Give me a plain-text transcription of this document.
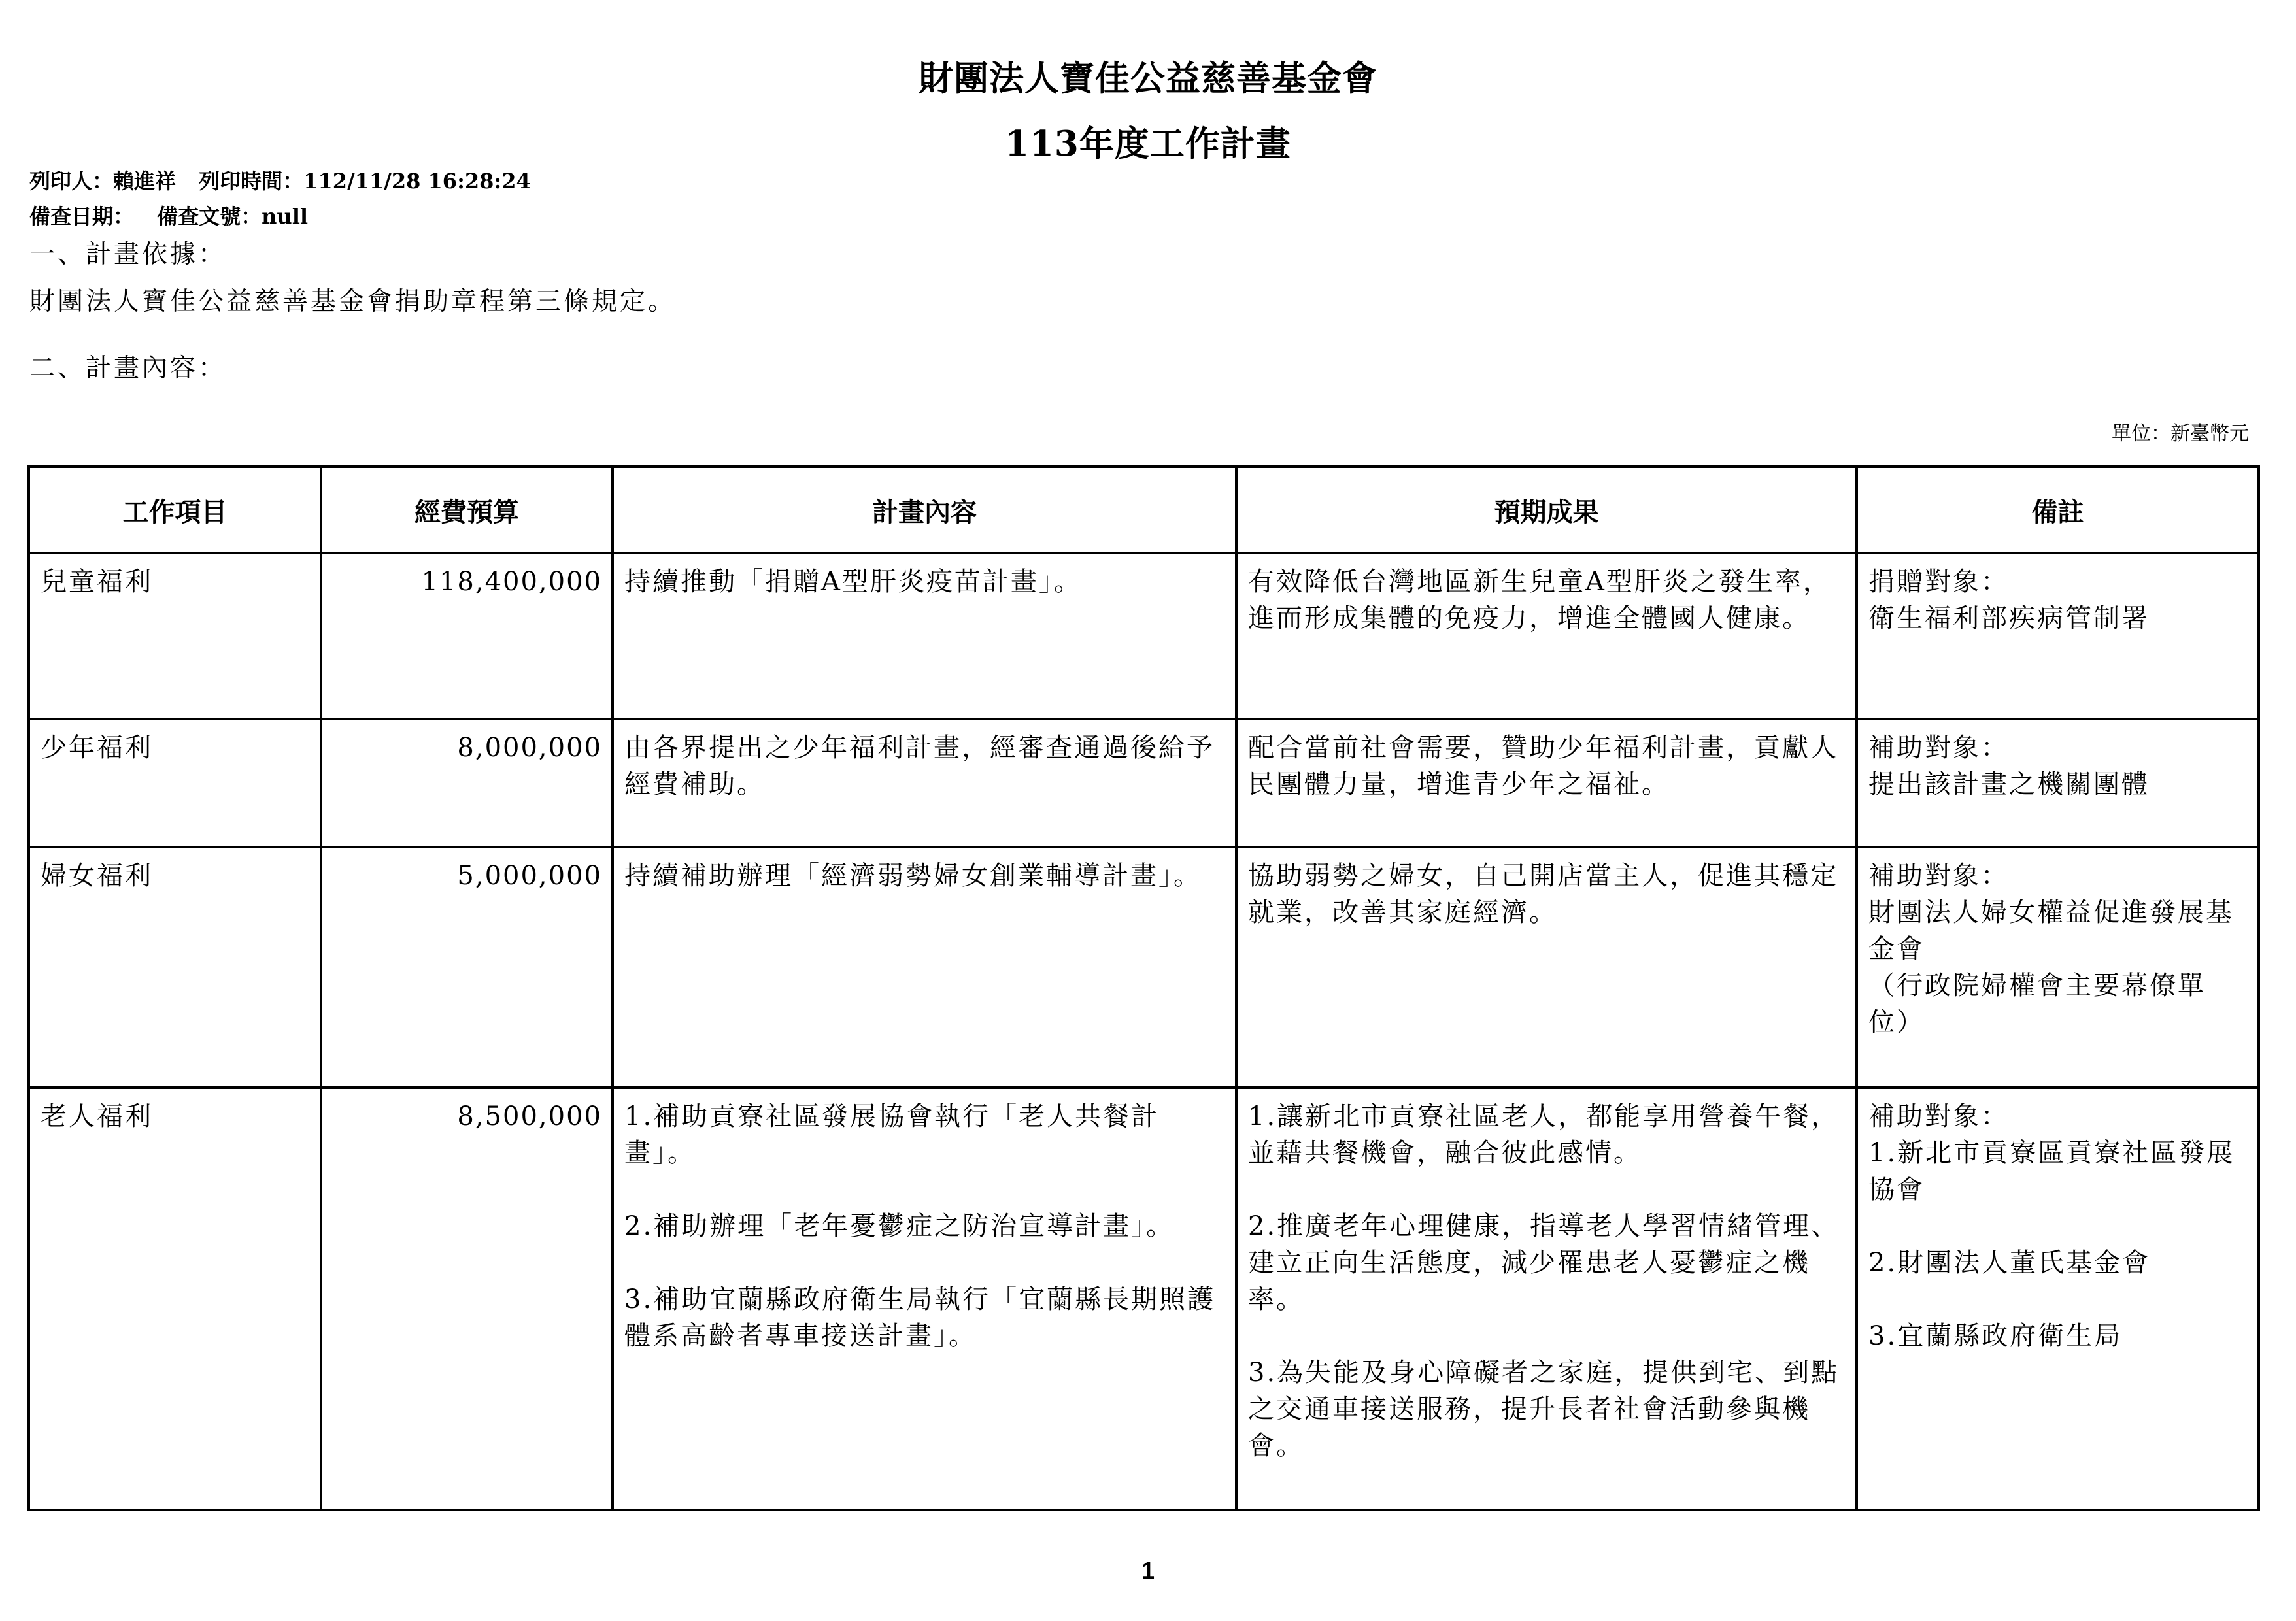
財團法人寶佳公益慈善基金會
113年度工作計畫
列印人：賴進祥 列印時間：112/11/28 16:28:24
備查日期： 備查文號：null
一、計畫依據：
財團法人寶佳公益慈善基金會捐助章程第三條規定。
二、計畫內容：
單位：新臺幣元
工作項目	經費預算	計畫內容	預期成果	備註
兒童福利	118,400,000	持續推動「捐贈A型肝炎疫苗計畫」。	有效降低台灣地區新生兒童A型肝炎之發生率，進而形成集體的免疫力，增進全體國人健康。	捐贈對象：
衛生福利部疾病管制署

少年福利	8,000,000	由各界提出之少年福利計畫，經審查通過後給予經費補助。	配合當前社會需要，贊助少年福利計畫，貢獻人民團體力量，增進青少年之福祉。	補助對象：
提出該計畫之機關團體

婦女福利	5,000,000	持續補助辦理「經濟弱勢婦女創業輔導計畫」。	協助弱勢之婦女，自己開店當主人，促進其穩定就業，改善其家庭經濟。	補助對象：
財團法人婦女權益促進發展基金會
（行政院婦權會主要幕僚單位）

老人福利	8,500,000	1.補助貢寮社區發展協會執行「老人共餐計畫」。
2.補助辦理「老年憂鬱症之防治宣導計畫」。
3.補助宜蘭縣政府衛生局執行「宜蘭縣長期照護體系高齡者專車接送計畫」。	1.讓新北市貢寮社區老人，都能享用營養午餐，並藉共餐機會，融合彼此感情。
2.推廣老年心理健康，指導老人學習情緒管理、建立正向生活態度，減少罹患老人憂鬱症之機率。
3.為失能及身心障礙者之家庭，提供到宅、到點之交通車接送服務，提升長者社會活動參與機會。	補助對象：
1.新北市貢寮區貢寮社區發展協會
2.財團法人董氏基金會
3.宜蘭縣政府衛生局
1
